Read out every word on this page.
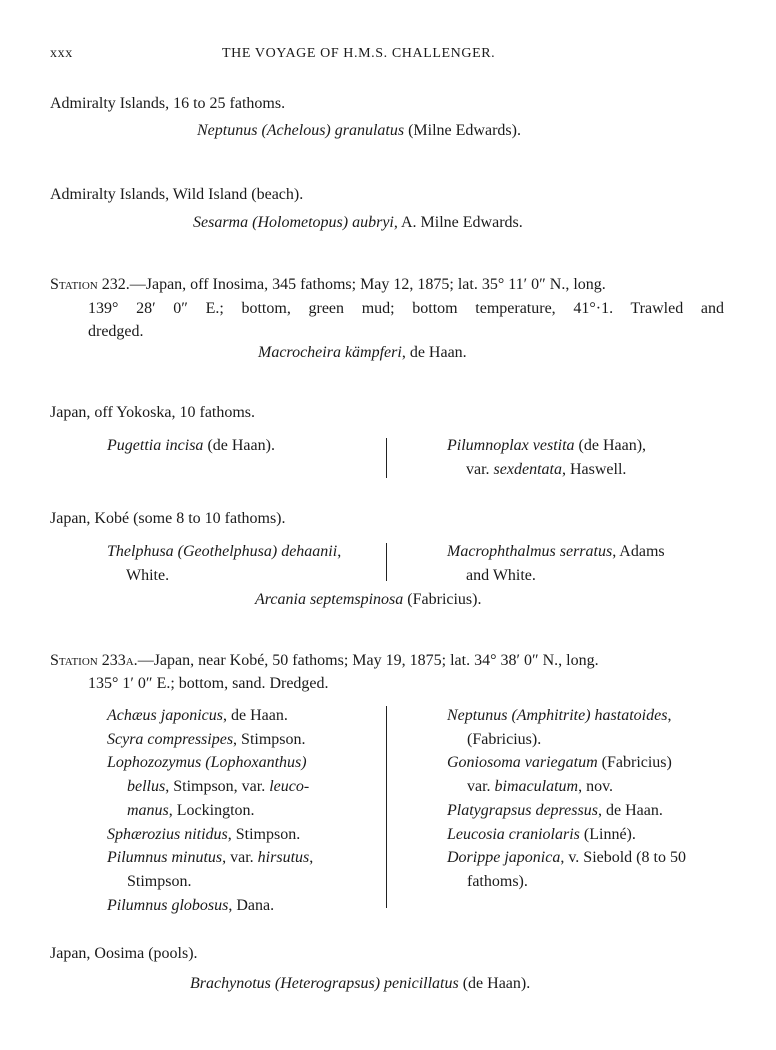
xxx	THE VOYAGE OF H.M.S. CHALLENGER.
Admiralty Islands, 16 to 25 fathoms.
Neptunus (Achelous) granulatus (Milne Edwards).
Admiralty Islands, Wild Island (beach).
Sesarma (Holometopus) aubryi, A. Milne Edwards.
Station 232.—Japan, off Inosima, 345 fathoms; May 12, 1875; lat. 35° 11′ 0″ N., long.
139° 28′ 0″ E.; bottom, green mud; bottom temperature, 41°·1. Trawled and
dredged.
Macrocheira kämpferi, de Haan.
Japan, off Yokoska, 10 fathoms.
Pugettia incisa (de Haan).	Pilumnoplax vestita (de Haan),
var. sexdentata, Haswell.
Japan, Kobé (some 8 to 10 fathoms).
Thelphusa (Geothelphusa) dehaanii,
White.
Macrophthalmus serratus, Adams
and White.
Arcania septemspinosa (Fabricius).
Station 233a.—Japan, near Kobé, 50 fathoms; May 19, 1875; lat. 34° 38′ 0″ N., long.
135° 1′ 0″ E.; bottom, sand. Dredged.
Achæus japonicus, de Haan.
Scyra compressipes, Stimpson.
Lophozozymus (Lophoxanthus)
bellus, Stimpson, var. leuco-
manus, Lockington.
Sphærozius nitidus, Stimpson.
Pilumnus minutus, var. hirsutus,
Stimpson.
Pilumnus globosus, Dana.
Neptunus (Amphitrite) hastatoides,
(Fabricius).
Goniosoma variegatum (Fabricius)
var. bimaculatum, nov.
Platygrapsus depressus, de Haan.
Leucosia craniolaris (Linné).
Dorippe japonica, v. Siebold (8 to 50
fathoms).
Japan, Oosima (pools).
Brachynotus (Heterograpsus) penicillatus (de Haan).
